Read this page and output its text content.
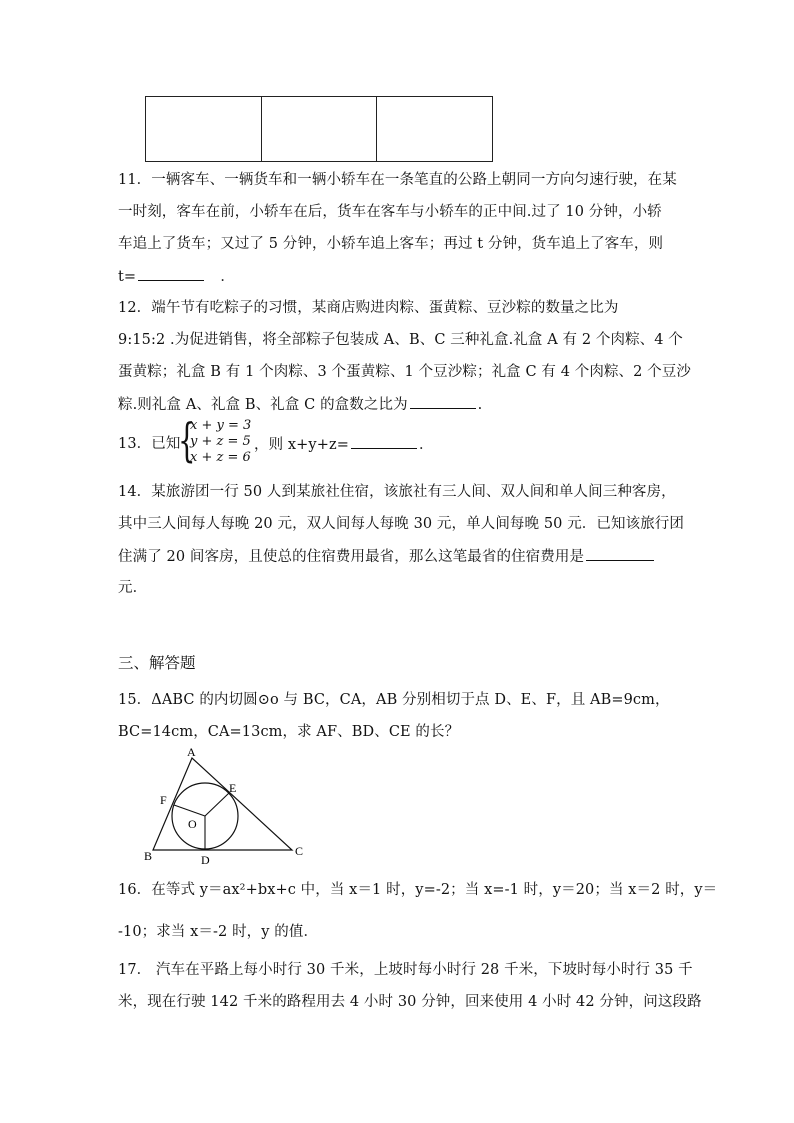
11．一辆客车、一辆货车和一辆小轿车在一条笔直的公路上朝同一方向匀速行驶，在某
一时刻，客车在前，小轿车在后，货车在客车与小轿车的正中间.过了 10 分钟，小轿
车追上了货车；又过了 5 分钟，小轿车追上客车；再过 t 分钟，货车追上了客车，则
t=	．
12．端午节有吃粽子的习惯，某商店购进肉粽、蛋黄粽、豆沙粽的数量之比为
9:15:2 .为促进销售，将全部粽子包装成 A、B、C 三种礼盒.礼盒 A 有 2 个肉粽、4 个
蛋黄粽；礼盒 B 有 1 个肉粽、3 个蛋黄粽、1 个豆沙粽；礼盒 C 有 4 个肉粽、2 个豆沙
粽.则礼盒 A、礼盒 B、礼盒 C 的盒数之比为	.
13．已知
{
x + y = 3
y + z = 5
x + z = 6
，则 x+y+z=	．
14．某旅游团一行 50 人到某旅社住宿，该旅社有三人间、双人间和单人间三种客房，
其中三人间每人每晚 20 元，双人间每人每晚 30 元，单人间每晚 50 元．已知该旅行团
住满了 20 间客房，且使总的住宿费用最省，那么这笔最省的住宿费用是
元．
三、解答题
15．ΔABC 的内切圆⊙o 与 BC，CA，AB 分别相切于点 D、E、F，且 AB=9cm，
BC=14cm，CA=13cm，求 AF、BD、CE 的长？
A
B	C
D
E
F
O
16．在等式 y＝ax²+bx+c 中，当 x＝1 时，y=-2；当 x=-1 时，y＝20；当 x＝2 时，y＝
-10；求当 x＝-2 时，y 的值．
17． 汽车在平路上每小时行 30 千米，上坡时每小时行 28 千米，下坡时每小时行 35 千
米，现在行驶 142 千米的路程用去 4 小时 30 分钟，回来使用 4 小时 42 分钟，问这段路
